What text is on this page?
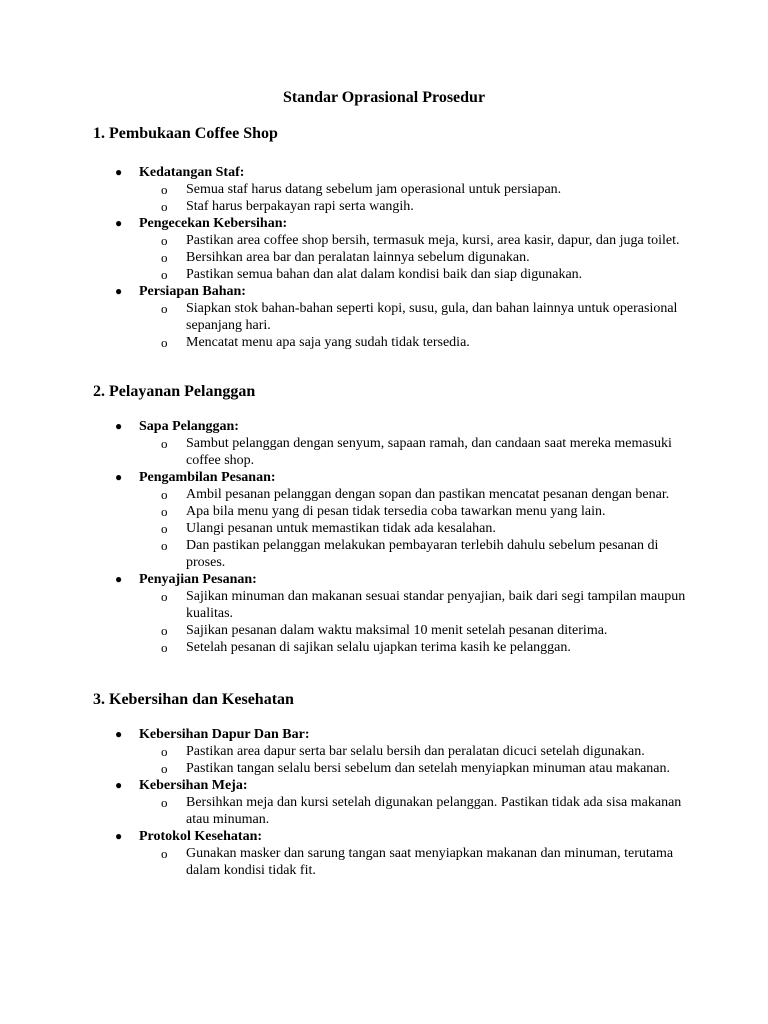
Standar Oprasional Prosedur
1. Pembukaan Coffee Shop
●	Kedatangan Staf:
o Semua staf harus datang sebelum jam operasional untuk persiapan.
o Staf harus berpakayan rapi serta wangih.
●	Pengecekan Kebersihan:
o Pastikan area coffee shop bersih, termasuk meja, kursi, area kasir, dapur, dan juga toilet.
o Bersihkan area bar dan peralatan lainnya sebelum digunakan.
o Pastikan semua bahan dan alat dalam kondisi baik dan siap digunakan.
●	Persiapan Bahan:
o Siapkan stok bahan-bahan seperti kopi, susu, gula, dan bahan lainnya untuk operasional sepanjang hari.
o Mencatat menu apa saja yang sudah tidak tersedia.
2. Pelayanan Pelanggan
●	Sapa Pelanggan:
o Sambut pelanggan dengan senyum, sapaan ramah, dan candaan saat mereka memasuki coffee shop.
●	Pengambilan Pesanan:
o Ambil pesanan pelanggan dengan sopan dan pastikan mencatat pesanan dengan benar.
o Apa bila menu yang di pesan tidak tersedia coba tawarkan menu yang lain.
o Ulangi pesanan untuk memastikan tidak ada kesalahan.
o Dan pastikan pelanggan melakukan pembayaran terlebih dahulu sebelum pesanan di proses.
●	Penyajian Pesanan:
o Sajikan minuman dan makanan sesuai standar penyajian, baik dari segi tampilan maupun kualitas.
o Sajikan pesanan dalam waktu maksimal 10 menit setelah pesanan diterima.
o Setelah pesanan di sajikan selalu ujapkan terima kasih ke pelanggan.
3. Kebersihan dan Kesehatan
●	Kebersihan Dapur Dan Bar:
o Pastikan area dapur serta bar selalu bersih dan peralatan dicuci setelah digunakan.
o Pastikan tangan selalu bersi sebelum dan setelah menyiapkan minuman atau makanan.
●	Kebersihan Meja:
o Bersihkan meja dan kursi setelah digunakan pelanggan. Pastikan tidak ada sisa makanan atau minuman.
●	Protokol Kesehatan:
o Gunakan masker dan sarung tangan saat menyiapkan makanan dan minuman, terutama dalam kondisi tidak fit.
